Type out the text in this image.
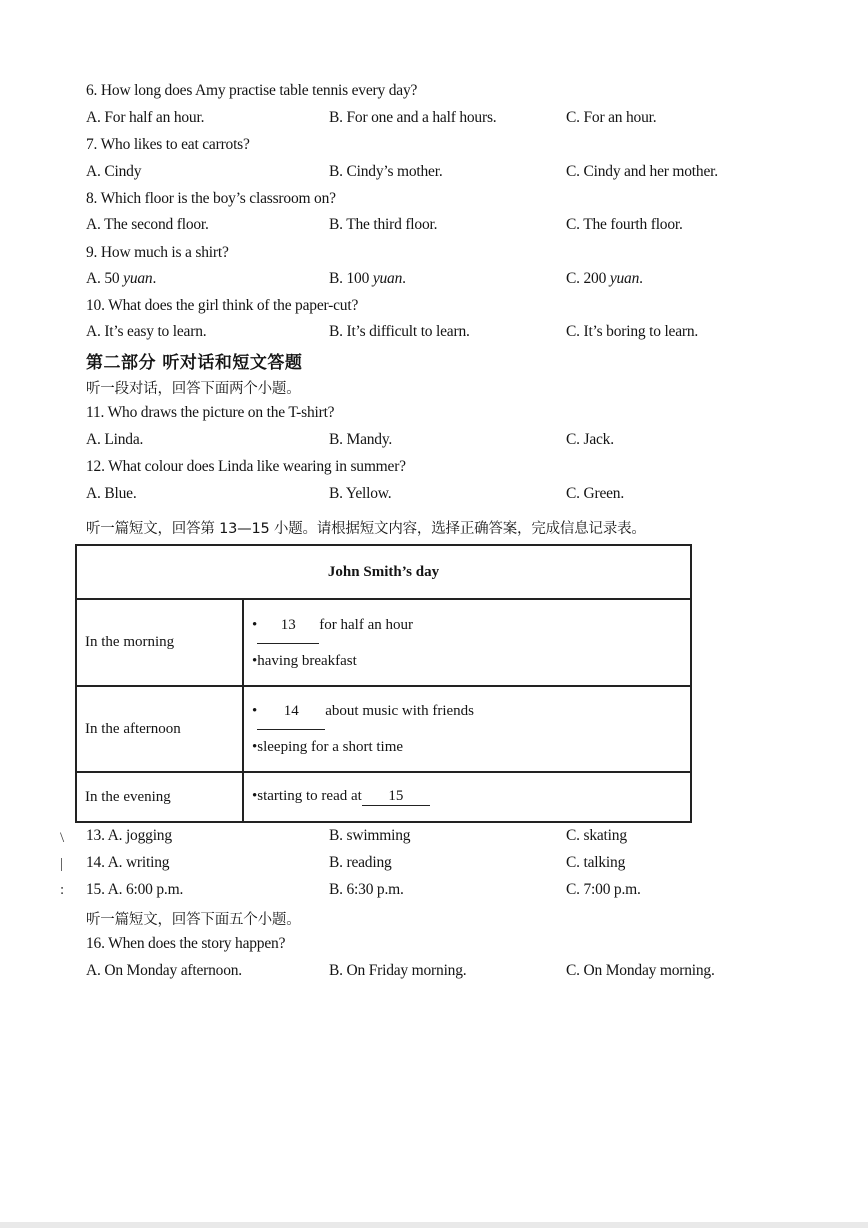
6. How long does Amy practise table tennis every day?
A. For half an hour.	B. For one and a half hours.	C. For an hour.
7. Who likes to eat carrots?
A. Cindy	B. Cindy’s mother.	C. Cindy and her mother.
8. Which floor is the boy’s classroom on?
A. The second floor.	B. The third floor.	C. The fourth floor.
9. How much is a shirt?
A. 50 yuan.	B. 100 yuan.	C. 200 yuan.
10. What does the girl think of the paper-cut?
A. It’s easy to learn.	B. It’s difficult to learn.	C. It’s boring to learn.
第二部分 听对话和短文答题
听一段对话，回答下面两个小题。
11. Who draws the picture on the T-shirt?
A. Linda.	B. Mandy.	C. Jack.
12. What colour does Linda like wearing in summer?
A. Blue.	B. Yellow.	C. Green.
听一篇短文，回答第 13—15 小题。请根据短文内容，选择正确答案，完成信息记录表。
John Smith’s day	
In the morning	• 13 for half an hour
•having breakfast

In the afternoon	• 14 about music with friends
•sleeping for a short time

In the evening	•starting to read at 15
13. A. jogging	B. swimming	C. skating
14. A. writing	B. reading	C. talking
15. A. 6:00 p.m.	B. 6:30 p.m.	C. 7:00 p.m.
\
|
:
听一篇短文，回答下面五个小题。
16. When does the story happen?
A. On Monday afternoon.	B. On Friday morning.	C. On Monday morning.
